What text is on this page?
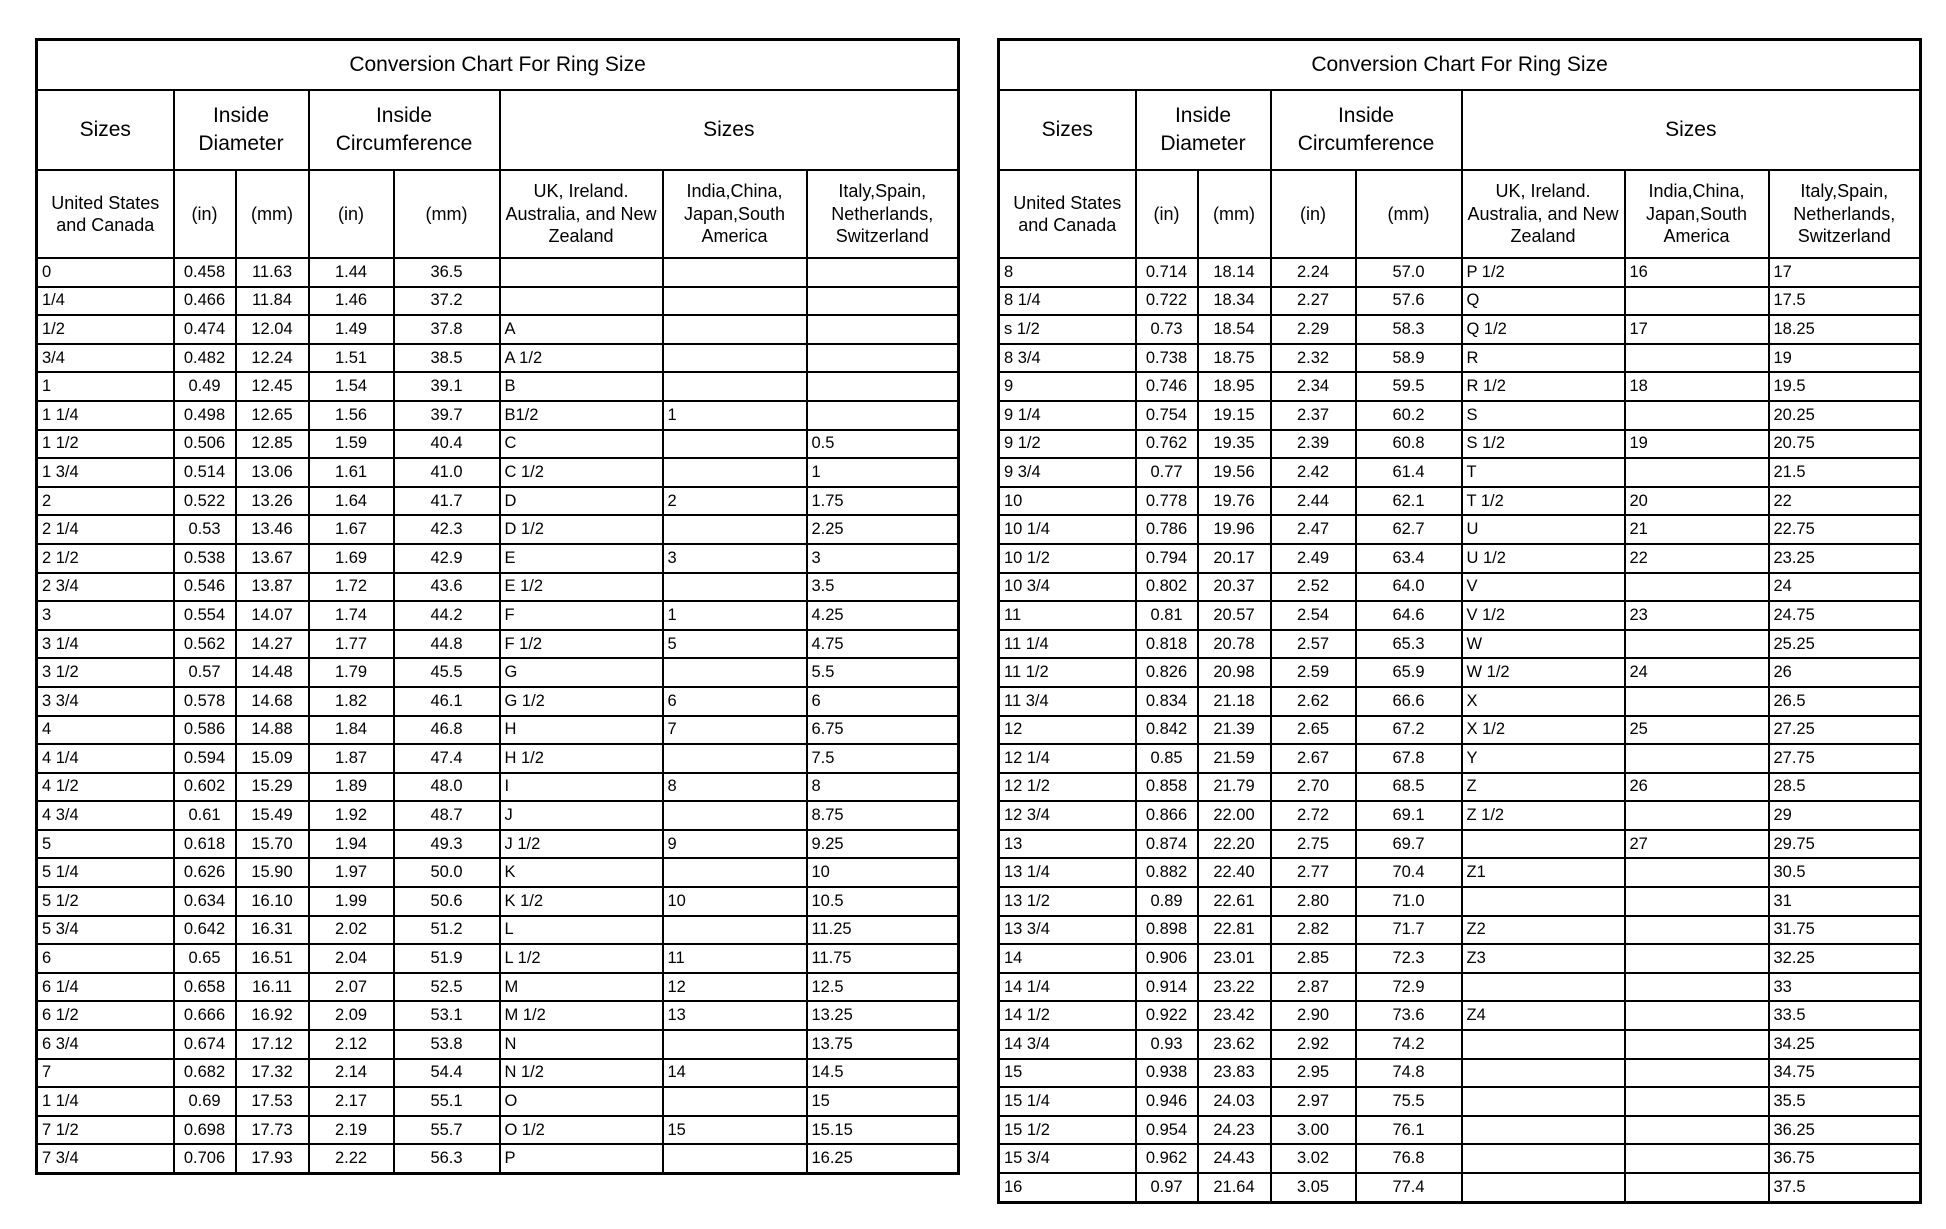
Conversion Chart For Ring Size							
Sizes	Inside Diameter		Inside Circumference		Sizes		
United States and Canada	(in)	(mm)	(in)	(mm)	UK, Ireland. Australia, and New Zealand	India,China, Japan,South America	Italy,Spain, Netherlands, Switzerland
0	0.458	11.63	1.44	36.5			
1/4	0.466	11.84	1.46	37.2			
1/2	0.474	12.04	1.49	37.8	A		
3/4	0.482	12.24	1.51	38.5	A 1/2		
1	0.49	12.45	1.54	39.1	B		
1 1/4	0.498	12.65	1.56	39.7	B1/2	1	
1 1/2	0.506	12.85	1.59	40.4	C		0.5
1 3/4	0.514	13.06	1.61	41.0	C 1/2		1
2	0.522	13.26	1.64	41.7	D	2	1.75
2 1/4	0.53	13.46	1.67	42.3	D 1/2		2.25
2 1/2	0.538	13.67	1.69	42.9	E	3	3
2 3/4	0.546	13.87	1.72	43.6	E 1/2		3.5
3	0.554	14.07	1.74	44.2	F	1	4.25
3 1/4	0.562	14.27	1.77	44.8	F 1/2	5	4.75
3 1/2	0.57	14.48	1.79	45.5	G		5.5
3 3/4	0.578	14.68	1.82	46.1	G 1/2	6	6
4	0.586	14.88	1.84	46.8	H	7	6.75
4 1/4	0.594	15.09	1.87	47.4	H 1/2		7.5
4 1/2	0.602	15.29	1.89	48.0	I	8	8
4 3/4	0.61	15.49	1.92	48.7	J		8.75
5	0.618	15.70	1.94	49.3	J 1/2	9	9.25
5 1/4	0.626	15.90	1.97	50.0	K		10
5 1/2	0.634	16.10	1.99	50.6	K 1/2	10	10.5
5 3/4	0.642	16.31	2.02	51.2	L		11.25
6	0.65	16.51	2.04	51.9	L 1/2	11	11.75
6 1/4	0.658	16.11	2.07	52.5	M	12	12.5
6 1/2	0.666	16.92	2.09	53.1	M 1/2	13	13.25
6 3/4	0.674	17.12	2.12	53.8	N		13.75
7	0.682	17.32	2.14	54.4	N 1/2	14	14.5
1 1/4	0.69	17.53	2.17	55.1	O		15
7 1/2	0.698	17.73	2.19	55.7	O 1/2	15	15.15
7 3/4	0.706	17.93	2.22	56.3	P		16.25
Conversion Chart For Ring Size							
Sizes	Inside Diameter		Inside Circumference		Sizes		
United States and Canada	(in)	(mm)	(in)	(mm)	UK, Ireland. Australia, and New Zealand	India,China, Japan,South America	Italy,Spain, Netherlands, Switzerland
8	0.714	18.14	2.24	57.0	P 1/2	16	17
8 1/4	0.722	18.34	2.27	57.6	Q		17.5
s 1/2	0.73	18.54	2.29	58.3	Q 1/2	17	18.25
8 3/4	0.738	18.75	2.32	58.9	R		19
9	0.746	18.95	2.34	59.5	R 1/2	18	19.5
9 1/4	0.754	19.15	2.37	60.2	S		20.25
9 1/2	0.762	19.35	2.39	60.8	S 1/2	19	20.75
9 3/4	0.77	19.56	2.42	61.4	T		21.5
10	0.778	19.76	2.44	62.1	T 1/2	20	22
10 1/4	0.786	19.96	2.47	62.7	U	21	22.75
10 1/2	0.794	20.17	2.49	63.4	U 1/2	22	23.25
10 3/4	0.802	20.37	2.52	64.0	V		24
11	0.81	20.57	2.54	64.6	V 1/2	23	24.75
11 1/4	0.818	20.78	2.57	65.3	W		25.25
11 1/2	0.826	20.98	2.59	65.9	W 1/2	24	26
11 3/4	0.834	21.18	2.62	66.6	X		26.5
12	0.842	21.39	2.65	67.2	X 1/2	25	27.25
12 1/4	0.85	21.59	2.67	67.8	Y		27.75
12 1/2	0.858	21.79	2.70	68.5	Z	26	28.5
12 3/4	0.866	22.00	2.72	69.1	Z 1/2		29
13	0.874	22.20	2.75	69.7		27	29.75
13 1/4	0.882	22.40	2.77	70.4	Z1		30.5
13 1/2	0.89	22.61	2.80	71.0			31
13 3/4	0.898	22.81	2.82	71.7	Z2		31.75
14	0.906	23.01	2.85	72.3	Z3		32.25
14 1/4	0.914	23.22	2.87	72.9			33
14 1/2	0.922	23.42	2.90	73.6	Z4		33.5
14 3/4	0.93	23.62	2.92	74.2			34.25
15	0.938	23.83	2.95	74.8			34.75
15 1/4	0.946	24.03	2.97	75.5			35.5
15 1/2	0.954	24.23	3.00	76.1			36.25
15 3/4	0.962	24.43	3.02	76.8			36.75
16	0.97	21.64	3.05	77.4			37.5
